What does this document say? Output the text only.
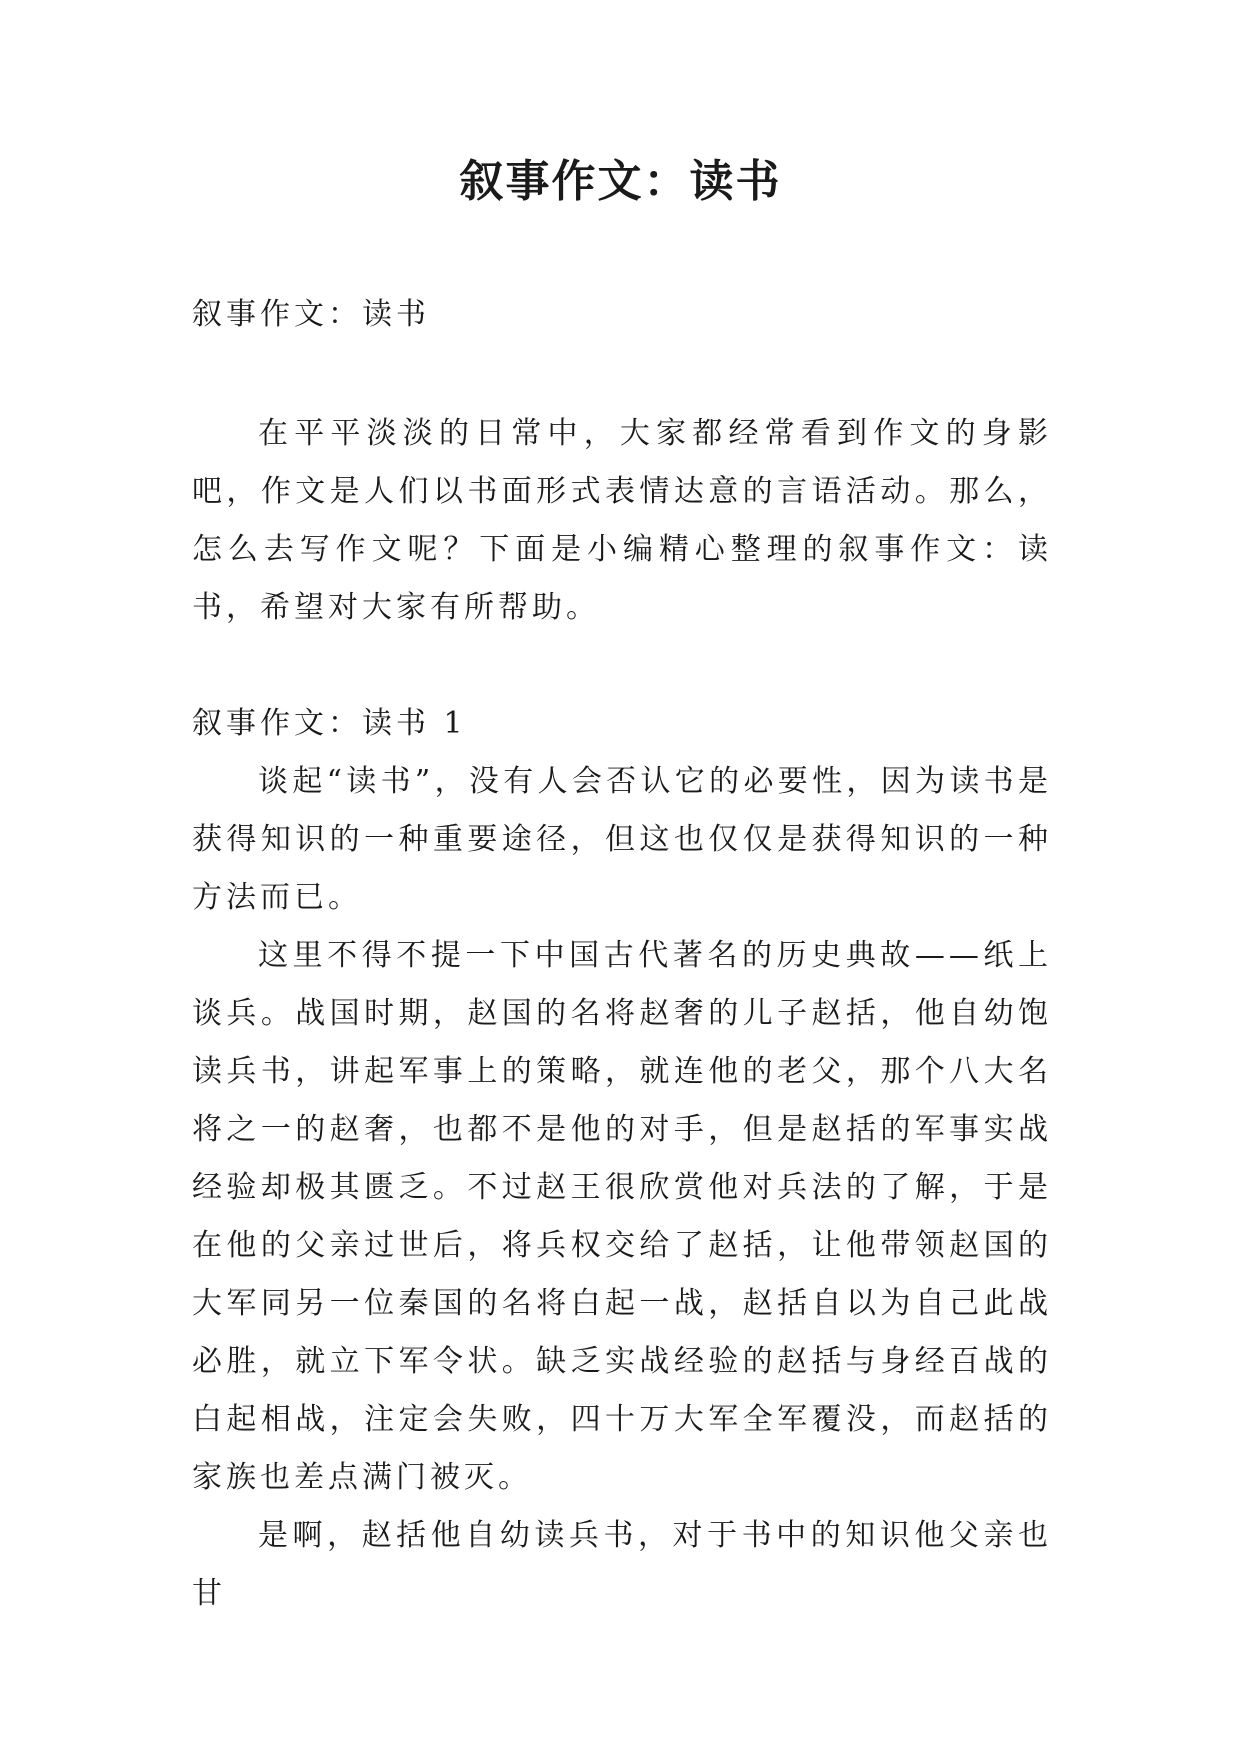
叙事作文：读书

叙事作文：读书

在平平淡淡的日常中，大家都经常看到作文的身影吧，作文是人们以书面形式表情达意的言语活动。那么，怎么去写作文呢？下面是小编精心整理的叙事作文：读书，希望对大家有所帮助。

叙事作文：读书 1

谈起“读书”，没有人会否认它的必要性，因为读书是获得知识的一种重要途径，但这也仅仅是获得知识的一种方法而已。

这里不得不提一下中国古代著名的历史典故——纸上谈兵。战国时期，赵国的名将赵奢的儿子赵括，他自幼饱读兵书，讲起军事上的策略，就连他的老父，那个八大名将之一的赵奢，也都不是他的对手，但是赵括的军事实战经验却极其匮乏。不过赵王很欣赏他对兵法的了解，于是在他的父亲过世后，将兵权交给了赵括，让他带领赵国的大军同另一位秦国的名将白起一战，赵括自以为自己此战必胜，就立下军令状。缺乏实战经验的赵括与身经百战的白起相战，注定会失败，四十万大军全军覆没，而赵括的家族也差点满门被灭。

是啊，赵括他自幼读兵书，对于书中的知识他父亲也甘
